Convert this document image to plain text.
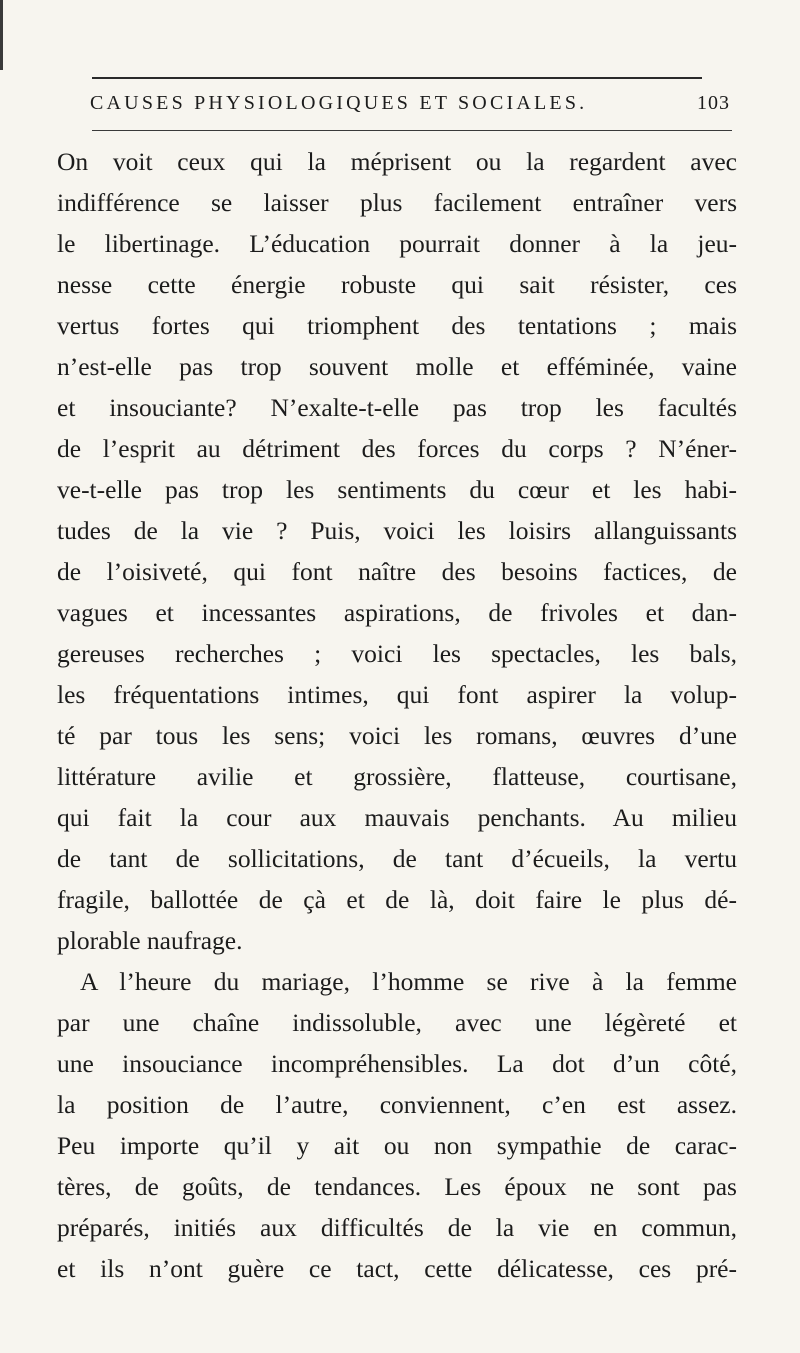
CAUSES PHYSIOLOGIQUES ET SOCIALES.	103
On voit ceux qui la méprisent ou la regardent avec
indifférence se laisser plus facilement entraîner vers
le libertinage. L’éducation pourrait donner à la jeu-
nesse cette énergie robuste qui sait résister, ces
vertus fortes qui triomphent des tentations ; mais
n’est-elle pas trop souvent molle et efféminée, vaine
et insouciante? N’exalte-t-elle pas trop les facultés
de l’esprit au détriment des forces du corps ? N’éner-
ve-t-elle pas trop les sentiments du cœur et les habi-
tudes de la vie ? Puis, voici les loisirs allanguissants
de l’oisiveté, qui font naître des besoins factices, de
vagues et incessantes aspirations, de frivoles et dan-
gereuses recherches ; voici les spectacles, les bals,
les fréquentations intimes, qui font aspirer la volup-
té par tous les sens; voici les romans, œuvres d’une
littérature avilie et grossière, flatteuse, courtisane,
qui fait la cour aux mauvais penchants. Au milieu
de tant de sollicitations, de tant d’écueils, la vertu
fragile, ballottée de çà et de là, doit faire le plus dé-
plorable naufrage.
A l’heure du mariage, l’homme se rive à la femme
par une chaîne indissoluble, avec une légèreté et
une insouciance incompréhensibles. La dot d’un côté,
la position de l’autre, conviennent, c’en est assez.
Peu importe qu’il y ait ou non sympathie de carac-
tères, de goûts, de tendances. Les époux ne sont pas
préparés, initiés aux difficultés de la vie en commun,
et ils n’ont guère ce tact, cette délicatesse, ces pré-
